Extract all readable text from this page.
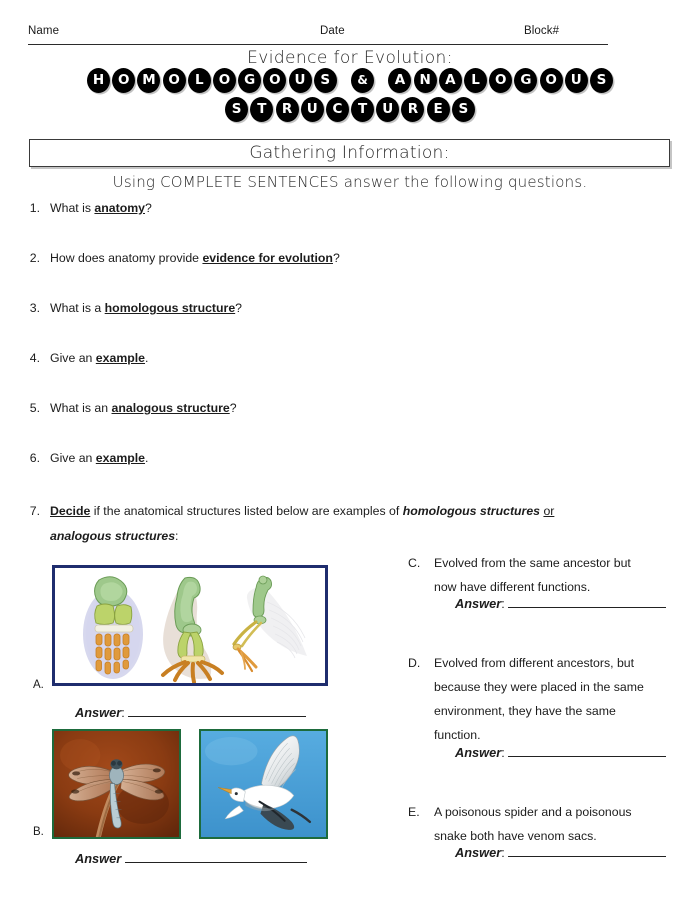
Name	Date	Block#
Evidence for Evolution:
H O M O L O G O U S & A N A L O G O U S
S T R U C T U R E S
Gathering Information:
Using COMPLETE SENTENCES answer the following questions.
1. What is anatomy?
2. How does anatomy provide evidence for evolution?
3. What is a homologous structure?
4. Give an example.
5. What is an analogous structure?
6. Give an example.
7. Decide if the anatomical structures listed below are examples of homologous structures or
analogous structures:
A.
Answer:
B.
Answer
C. Evolved from the same ancestor but
now have different functions.
D. Evolved from different ancestors, but
because they were placed in the same
environment, they have the same
function.
E.	A poisonous spider and a poisonous
snake both have venom sacs.
Answer:
Answer:
Answer:
